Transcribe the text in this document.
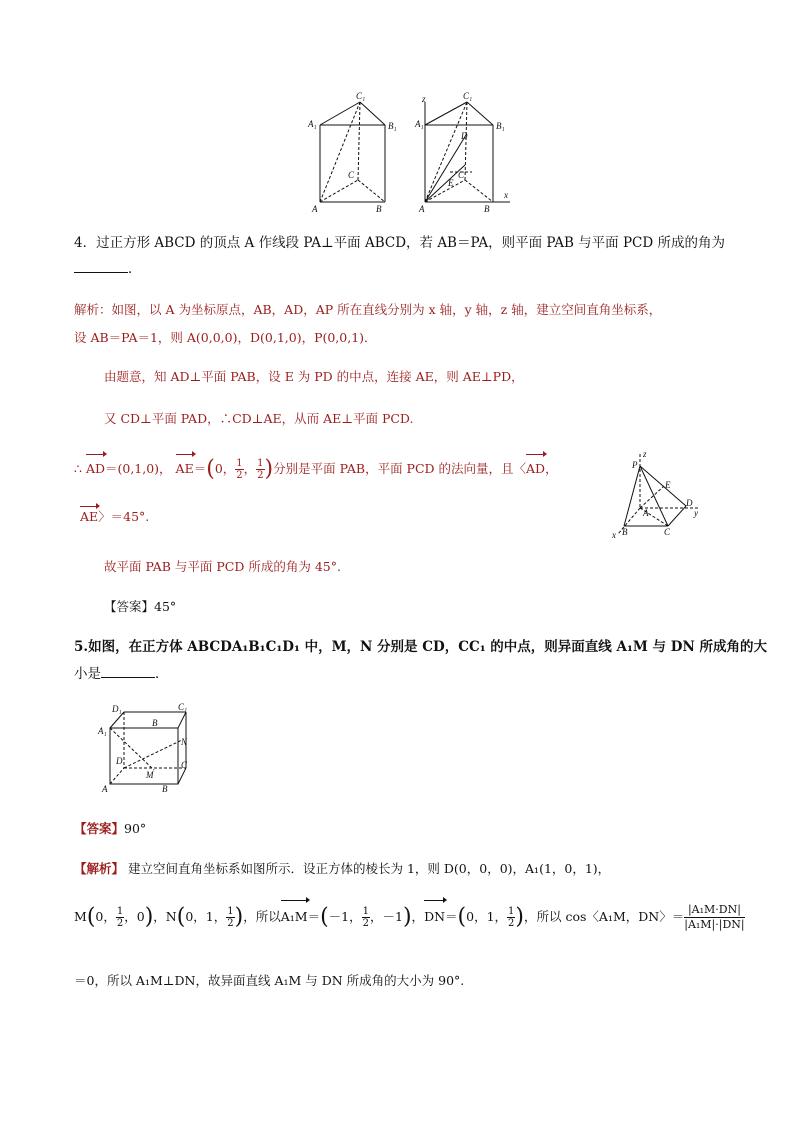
C₁
A₁	B₁
C
A	B
z	C₁
A₁	B₁
D
E
C
A	B
x
4．过正方形 ABCD 的顶点 A 作线段 PA⊥平面 ABCD，若 AB＝PA，则平面 PAB 与平面 PCD 所成的角为
．
解析：如图，以 A 为坐标原点，AB，AD，AP 所在直线分别为 x 轴，y 轴，z 轴，建立空间直角坐标系，
设 AB＝PA＝1，则 A(0,0,0)，D(0,1,0)，P(0,0,1)．
由题意，知 AD⊥平面 PAB，设 E 为 PD 的中点，连接 AE，则 AE⊥PD，
又 CD⊥平面 PAD，∴CD⊥AE，从而 AE⊥平面 PCD.
∴ AD＝(0,1,0)， AE＝(0， $\frac{1}{2}$ ， $\frac{1}{2}$ )分别是平面 PAB，平面 PCD 的法向量，且〈AD，
AE〉＝45°.
故平面 PAB 与平面 PCD 所成的角为 45°.
【答案】45°
z
P
E
D
A	y
x B	C
5.如图，在正方体 ABCDA₁B₁C₁D₁ 中，M，N 分别是 CD，CC₁ 的中点，则异面直线 A₁M 与 DN 所成角的大
小是	．
D₁	C₁
A₁
B
N
D
M
C
A	B
【答案】90°
【解析】 建立空间直角坐标系如图所示．设正方体的棱长为 1，则 D(0，0，0)，A₁(1，0，1)，
M(0， $\frac{1}{2}$ ，0)，N(0，1， $\frac{1}{2}$ )，所以A₁M＝(－1， $\frac{1}{2}$ ，－1)，DN＝(0，1， $\frac{1}{2}$ )，所以 cos〈A₁M，DN〉＝ $\frac{\text{|A₁M·DN|}}{\text{|A₁M|·|DN|}}$
＝0，所以 A₁M⊥DN，故异面直线 A₁M 与 DN 所成角的大小为 90°.
